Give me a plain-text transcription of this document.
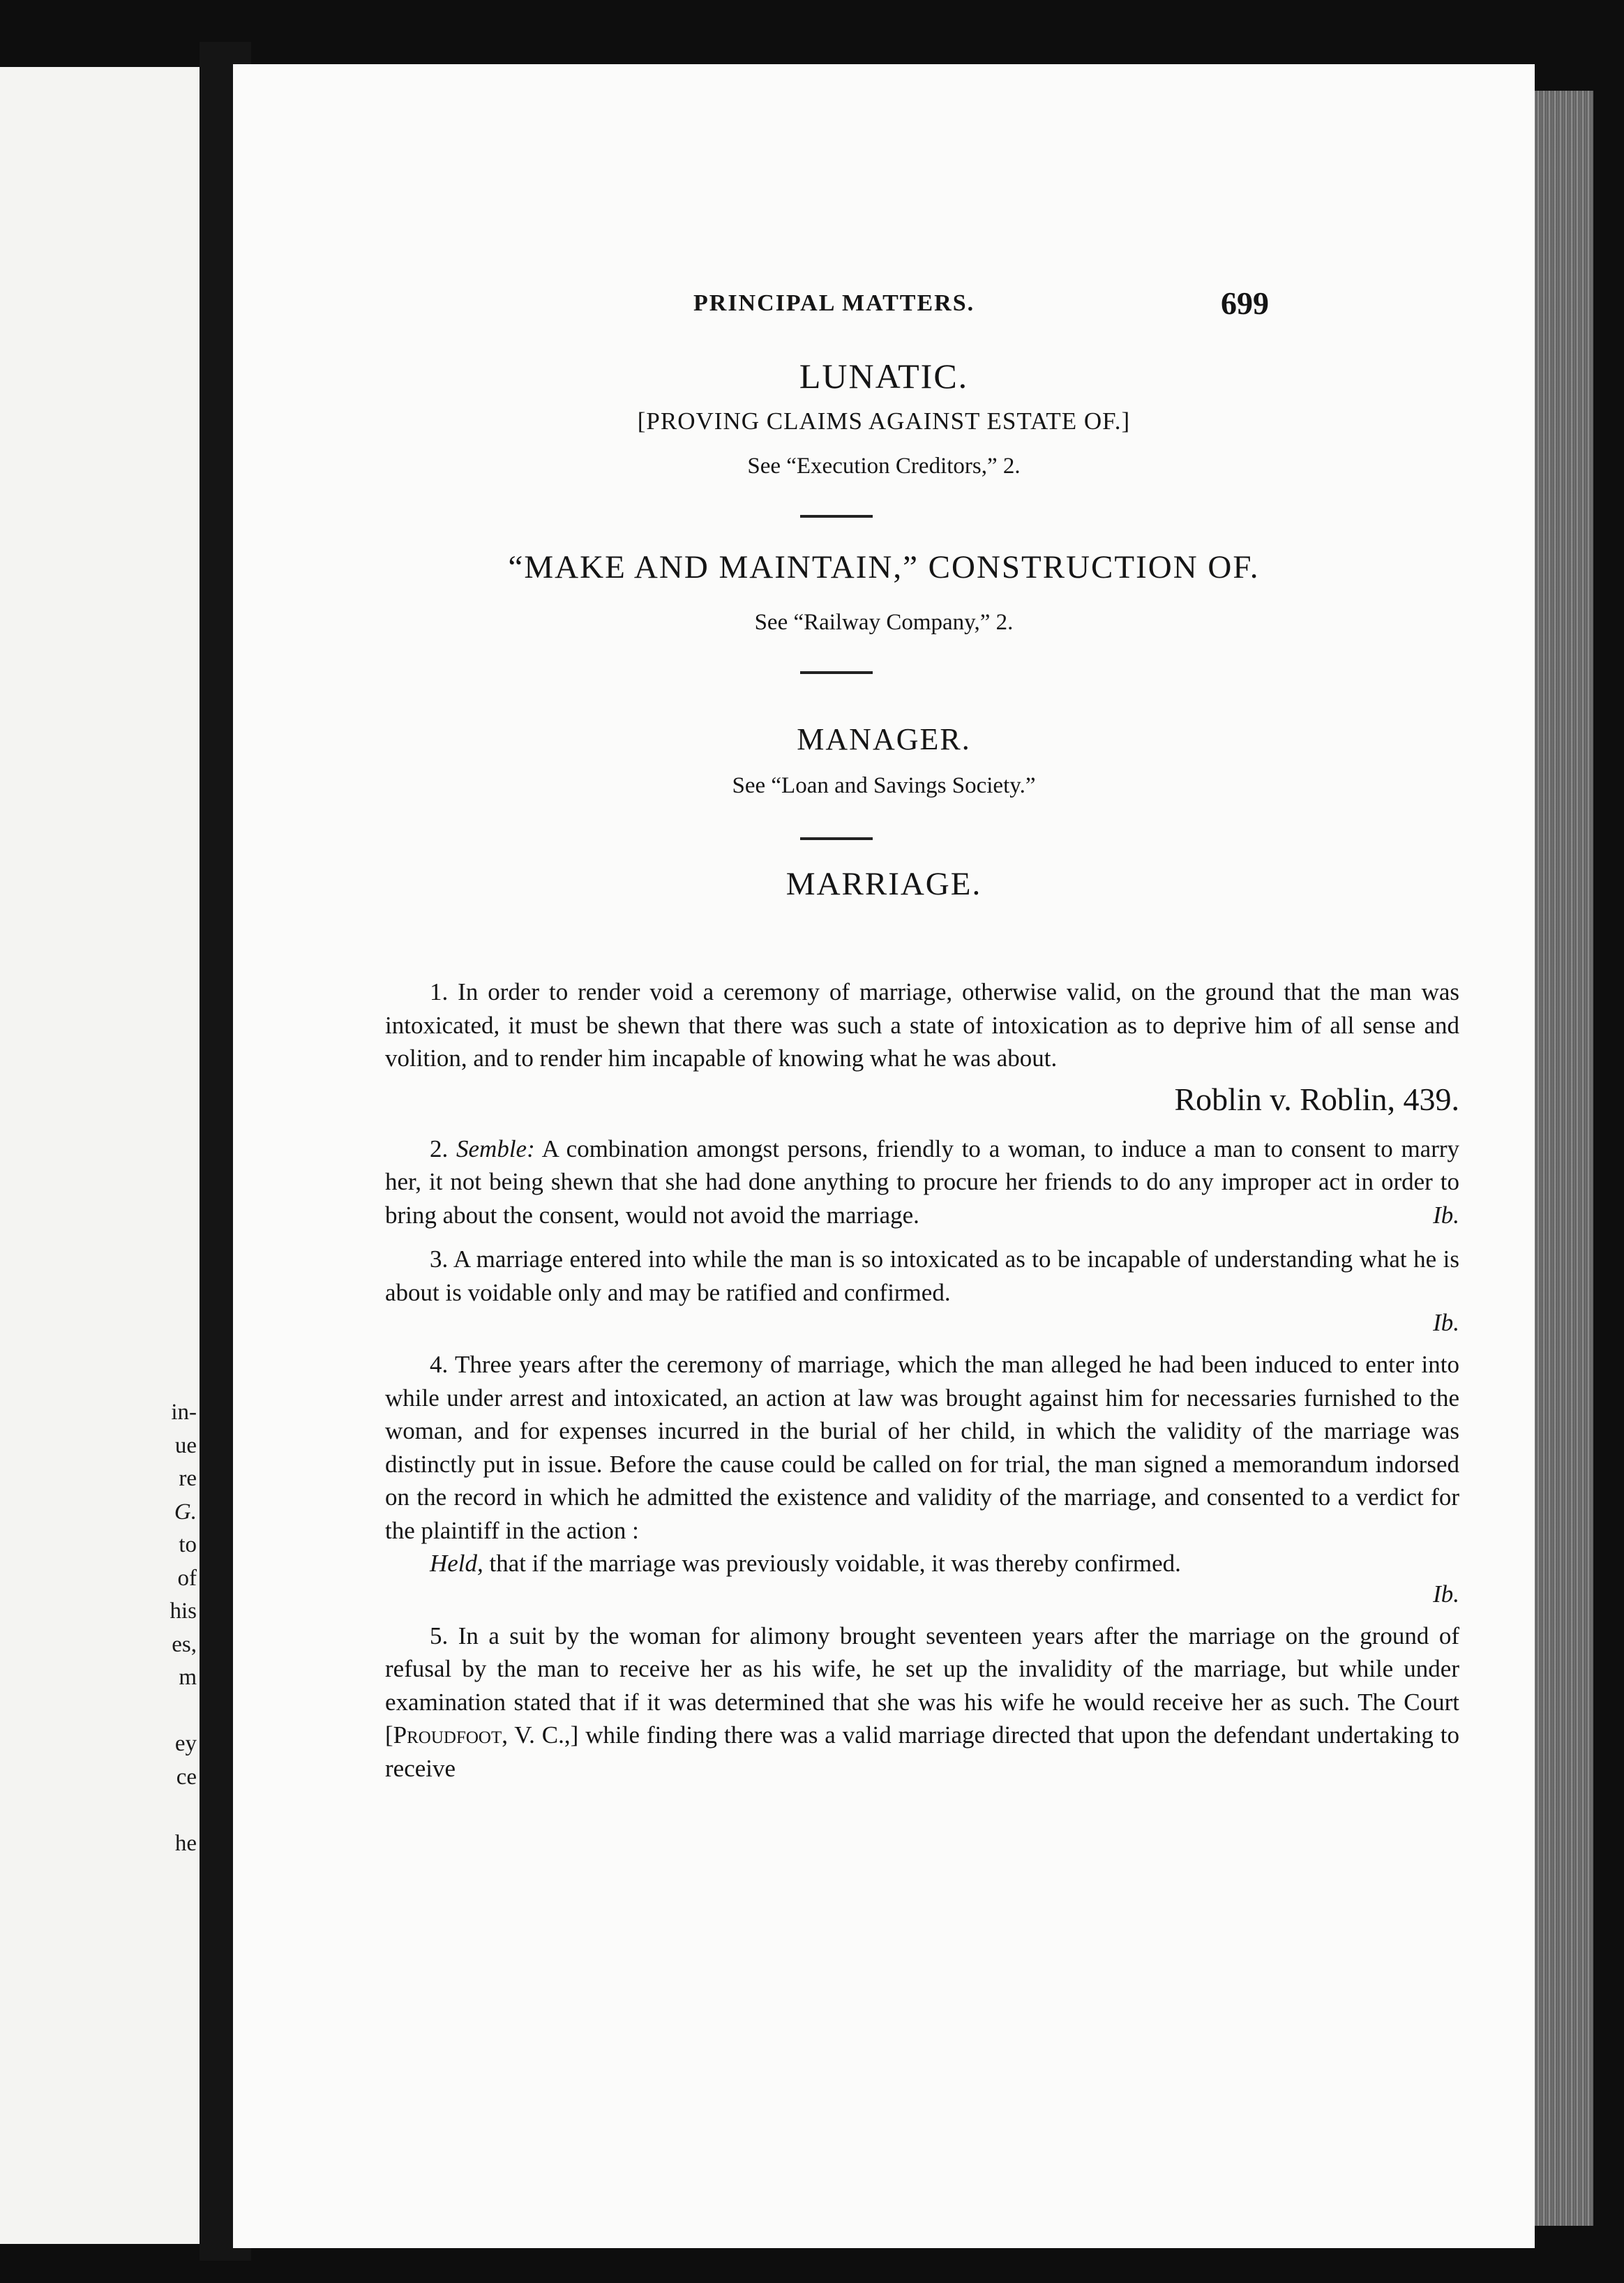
in-
ue
re
G.
to
of
his
es,
m
ey
ce
he
PRINCIPAL MATTERS.	699
LUNATIC.
[PROVING CLAIMS AGAINST ESTATE OF.]
See “Execution Creditors,” 2.
“MAKE AND MAINTAIN,” CONSTRUCTION OF.
See “Railway Company,” 2.
MANAGER.
See “Loan and Savings Society.”
MARRIAGE.

1. In order to render void a ceremony of marriage, otherwise valid, on the ground that the man was intoxicated, it must be shewn that there was such a state of intoxication as to deprive him of all sense and volition, and to render him incapable of knowing what he was about.

Roblin v. Roblin, 439.

2. Semble: A combination amongst persons, friendly to a woman, to induce a man to consent to marry her, it not being shewn that she had done anything to procure her friends to do any improper act in order to bring about the consent, would not avoid the marriage.	Ib.

3. A marriage entered into while the man is so intoxicated as to be incapable of understanding what he is about is voidable only and may be ratified and confirmed.

Ib.

4. Three years after the ceremony of marriage, which the man alleged he had been induced to enter into while under arrest and intoxicated, an action at law was brought against him for necessaries furnished to the woman, and for expenses incurred in the burial of her child, in which the validity of the marriage was distinctly put in issue. Before the cause could be called on for trial, the man signed a memorandum indorsed on the record in which he admitted the existence and validity of the marriage, and consented to a verdict for the plaintiff in the action :

Held, that if the marriage was previously voidable, it was thereby confirmed.

Ib.

5. In a suit by the woman for alimony brought seventeen years after the marriage on the ground of refusal by the man to receive her as his wife, he set up the invalidity of the marriage, but while under examination stated that if it was determined that she was his wife he would receive her as such. The Court [Proudfoot, V. C.,] while finding there was a valid marriage directed that upon the defendant undertaking to receive
